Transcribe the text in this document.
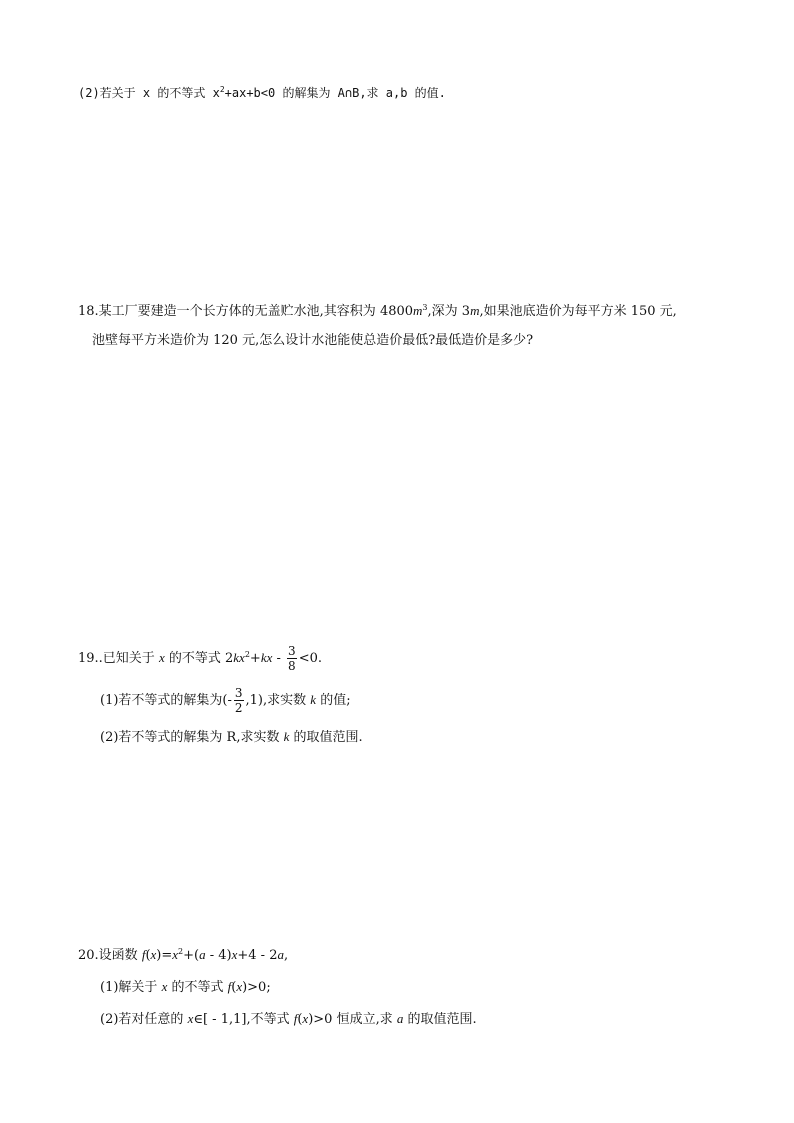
(2)若关于 x 的不等式 $x^2+ax+b<0$ 的解集为 A∩B,求 a,b 的值.
18.某工厂要建造一个长方体的无盖贮水池,其容积为 $4800m^3$,深为 3m,如果池底造价为每平方米 150 元,
池壁每平方米造价为 120 元,怎么设计水池能使总造价最低?最低造价是多少?
19..已知关于 x 的不等式 $2kx^2+kx - \frac{3}{8} <0$.
(1)若不等式的解集为(- $\frac{3}{2} ,1$),求实数 k 的值;
(2)若不等式的解集为 R,求实数 k 的取值范围.
20.设函数 $f(x)=x^2+(a - 4)x+4 - 2a$,
(1)解关于 x 的不等式 f(x)>0;
(2)若对任意的 x∈[ - 1,1],不等式 f(x)>0 恒成立,求 a 的取值范围.
